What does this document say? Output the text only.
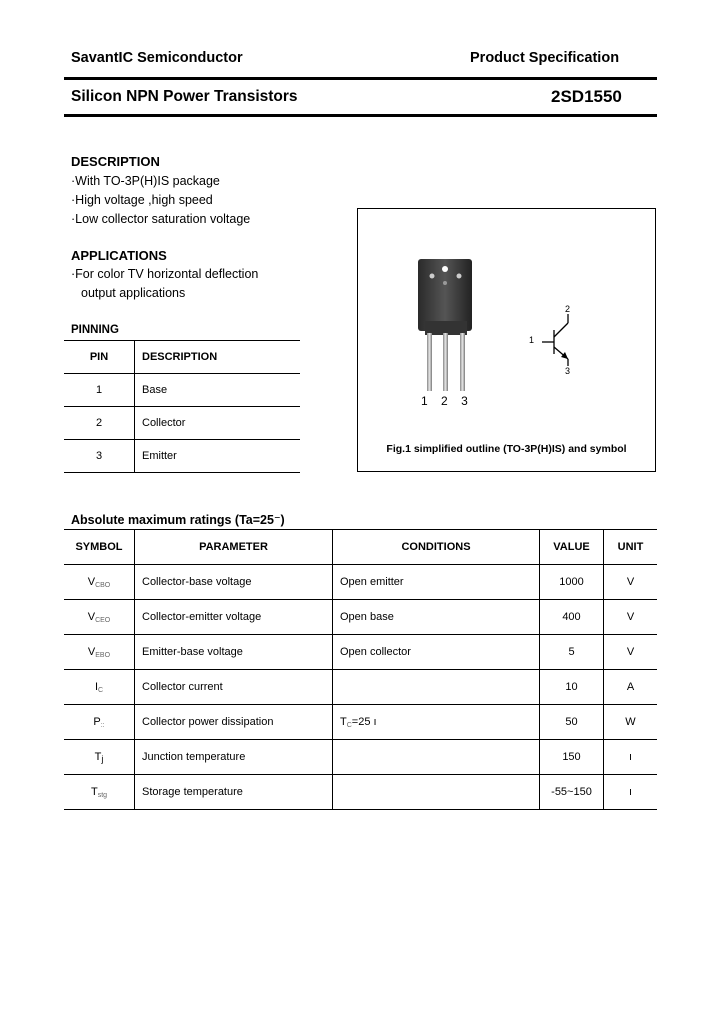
SavantIC Semiconductor	Product Specification
Silicon NPN Power Transistors	2SD1550
DESCRIPTION
·With TO-3P(H)IS package
·High voltage ,high speed
·Low collector saturation voltage
APPLICATIONS
·For color TV horizontal deflection
output applications
PINNING
PIN	DESCRIPTION
1	Base
2	Collector
3	Emitter
1 2 3
1
2
3
Fig.1 simplified outline (TO-3P(H)IS) and symbol
Absolute maximum ratings (Ta=25⁻)
SYMBOL	PARAMETER	CONDITIONS	VALUE	UNIT
$V_{CBO}$	Collector-base voltage	Open emitter	1000	V
$V_{CEO}$	Collector-emitter voltage	Open base	400	V
$V_{EBO}$	Emitter-base voltage	Open collector	5	V
$I_C$	Collector current		10	A
$P_{::}$	Collector power dissipation	$T_C=25$ ı	50	W
$T_j$	Junction temperature		150	ı
$T_{stg}$	Storage temperature		-55~150	ı
